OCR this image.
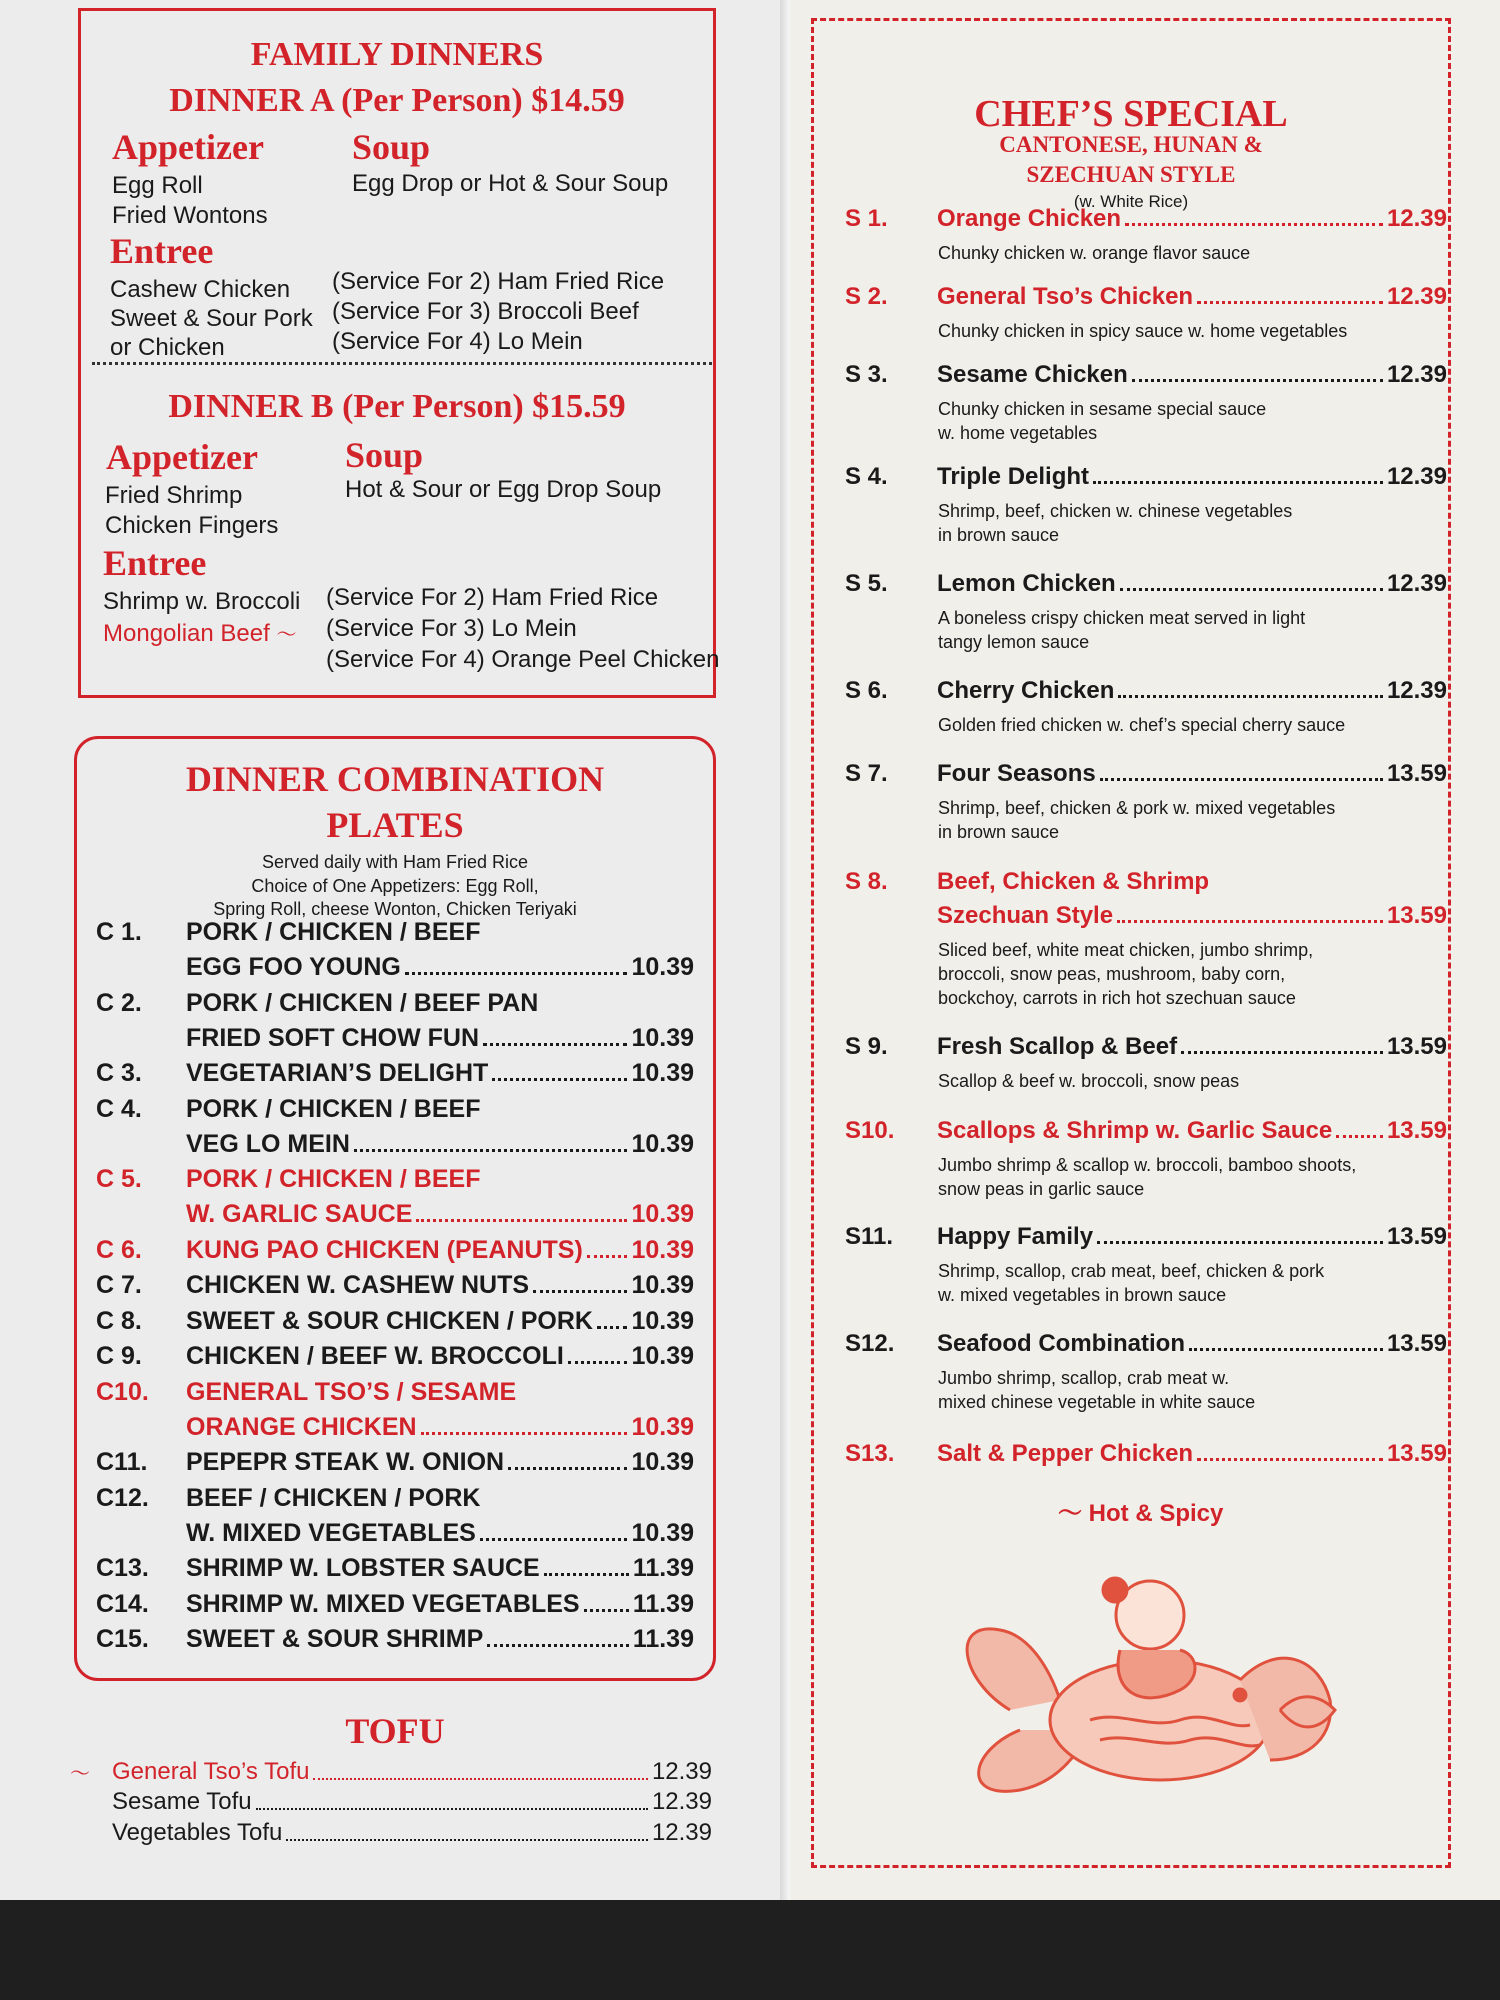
FAMILY DINNERS
DINNER A (Per Person) $14.59
Appetizer Soup
Egg Roll
Fried Wontons
Egg Drop or Hot & Sour Soup
Entree
Cashew Chicken
Sweet & Sour Pork
or Chicken
(Service For 2) Ham Fried Rice
(Service For 3) Broccoli Beef
(Service For 4) Lo Mein
DINNER B (Per Person) $15.59
Appetizer Soup
Fried Shrimp
Chicken Fingers
Hot & Sour or Egg Drop Soup
Entree
Shrimp w. Broccoli
Mongolian Beef 〜
(Service For 2) Ham Fried Rice
(Service For 3) Lo Mein
(Service For 4) Orange Peel Chicken
DINNER COMBINATION
PLATES
Served daily with Ham Fried Rice
Choice of One Appetizers: Egg Roll,
Spring Roll, cheese Wonton, Chicken Teriyaki
C 1. PORK / CHICKEN / BEEF
EGG FOO YOUNG	10.39
C 2. PORK / CHICKEN / BEEF PAN
FRIED SOFT CHOW FUN	10.39
C 3.	VEGETARIAN’S DELIGHT	10.39
C 4. PORK / CHICKEN / BEEF
VEG LO MEIN	10.39
C 5. PORK / CHICKEN / BEEF
W. GARLIC SAUCE	10.39
C 6.	KUNG PAO CHICKEN (PEANUTS) 10.39
C 7.	CHICKEN W. CASHEW NUTS	10.39
C 8.	SWEET & SOUR CHICKEN / PORK 10.39
C 9.	CHICKEN / BEEF W. BROCCOLI	10.39
C10. GENERAL TSO’S / SESAME
ORANGE CHICKEN	10.39
C11.	PEPEPR STEAK W. ONION	10.39
C12. BEEF / CHICKEN / PORK
W. MIXED VEGETABLES	10.39
C13.	SHRIMP W. LOBSTER SAUCE	11.39
C14.	SHRIMP W. MIXED VEGETABLES 11.39
C15.	SWEET & SOUR SHRIMP	11.39
TOFU
〜 General Tso’s Tofu	12.39
Sesame Tofu	12.39
Vegetables Tofu	12.39
CHEF’S SPECIAL
CANTONESE, HUNAN &
SZECHUAN STYLE
(w. White Rice)
S 1.	Orange Chicken	12.39
Chunky chicken w. orange flavor sauce
S 2.	General Tso’s Chicken	12.39
Chunky chicken in spicy sauce w. home vegetables
S 3.	Sesame Chicken	12.39
Chunky chicken in sesame special sauce
w. home vegetables
S 4.	Triple Delight	12.39
Shrimp, beef, chicken w. chinese vegetables
in brown sauce
S 5.	Lemon Chicken	12.39
A boneless crispy chicken meat served in light
tangy lemon sauce
S 6.	Cherry Chicken	12.39
Golden fried chicken w. chef’s special cherry sauce
S 7.	Four Seasons	13.59
Shrimp, beef, chicken & pork w. mixed vegetables
in brown sauce
S 8.	Beef, Chicken & Shrimp
Szechuan Style	13.59
Sliced beef, white meat chicken, jumbo shrimp,
broccoli, snow peas, mushroom, baby corn,
bockchoy, carrots in rich hot szechuan sauce
S 9.	Fresh Scallop & Beef	13.59
Scallop & beef w. broccoli, snow peas
S10.	Scallops & Shrimp w. Garlic Sauce 13.59
Jumbo shrimp & scallop w. broccoli, bamboo shoots,
snow peas in garlic sauce
S11.	Happy Family	13.59
Shrimp, scallop, crab meat, beef, chicken & pork
w. mixed vegetables in brown sauce
S12.	Seafood Combination	13.59
Jumbo shrimp, scallop, crab meat w.
mixed chinese vegetable in white sauce
S13.	Salt & Pepper Chicken	13.59
〜 Hot & Spicy
